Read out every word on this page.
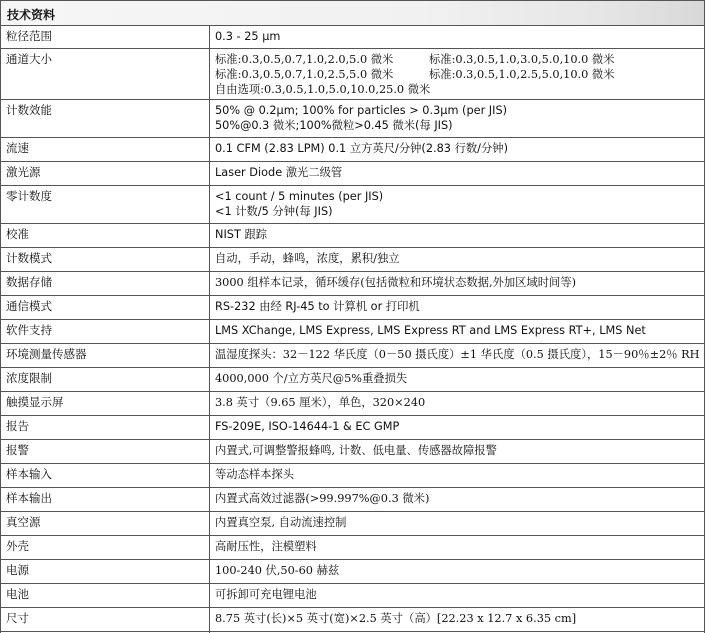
技术资料
粒径范围	0.3 - 25 µm

通道大小	标准:0.3,0.5,0.7,1.0,2.0,5.0 微米 标准:0.3,0.5,1.0,3.0,5.0,10.0 微米
标准:0.3,0.5,0.7,1.0,2.5,5.0 微米 标准:0.3,0.5,1.0,2.5,5.0,10.0 微米
自由选项:0.3,0.5,1.0,5.0,10.0,25.0 微米

计数效能	50% @ 0.2µm; 100% for particles > 0.3µm (per JIS)
50%@0.3 微米;100%微粒>0.45 微米(每 JIS)

流速	0.1 CFM (2.83 LPM) 0.1 立方英尺/分钟(2.83 行数/分钟)

激光源	Laser Diode 激光二级管

零计数度	<1 count / 5 minutes (per JIS)
<1 计数/5 分钟(每 JIS)

校准	NIST 跟踪

计数模式	自动，手动，蜂鸣，浓度，累积/独立

数据存储	3000 组样本记录，循环缓存(包括微粒和环境状态数据,外加区域时间等)

通信模式	RS-232 由经 RJ-45 to 计算机 or 打印机

软件支持	LMS XChange, LMS Express, LMS Express RT and LMS Express RT+, LMS Net

环境测量传感器	温湿度探头：32－122 华氏度（0－50 摄氏度）±1 华氏度（0.5 摄氏度），15－90％±2％ RH

浓度限制	4000,000 个/立方英尺@5%重叠损失

触摸显示屏	3.8 英寸（9.65 厘米），单色，320×240

报告	FS-209E, ISO-14644-1 & EC GMP

报警	内置式,可调整警报蜂鸣, 计数、低电量、传感器故障报警

样本输入	等动态样本探头

样本输出	内置式高效过滤器(>99.997%@0.3 微米)

真空源	内置真空泵, 自动流速控制

外壳	高耐压性，注模塑料

电源	100-240 伏,50-60 赫兹

电池	可拆卸可充电锂电池

尺寸	8.75 英寸(长)×5 英寸(宽)×2.5 英寸（高）[22.23 x 12.7 x 6.35 cm]
